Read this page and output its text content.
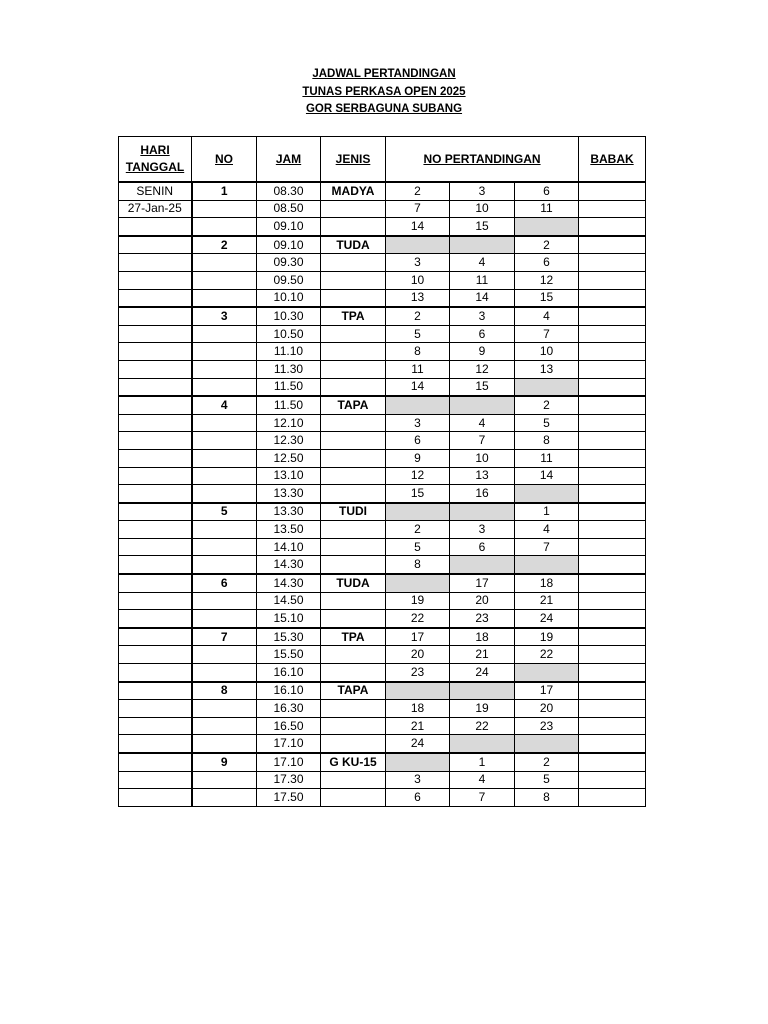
JADWAL PERTANDINGAN
TUNAS PERKASA OPEN 2025
GOR SERBAGUNA SUBANG
HARI
TANGGAL	NO	JAM	JENIS	NO PERTANDINGAN			BABAK
SENIN	1	08.30	MADYA	2	3	6	
27-Jan-25		08.50		7	10	11	
		09.10		14	15		
	2	09.10	TUDA			2	
		09.30		3	4	6	
		09.50		10	11	12	
		10.10		13	14	15	
	3	10.30	TPA	2	3	4	
		10.50		5	6	7	
		11.10		8	9	10	
		11.30		11	12	13	
		11.50		14	15		
	4	11.50	TAPA			2	
		12.10		3	4	5	
		12.30		6	7	8	
		12.50		9	10	11	
		13.10		12	13	14	
		13.30		15	16		
	5	13.30	TUDI			1	
		13.50		2	3	4	
		14.10		5	6	7	
		14.30		8			
	6	14.30	TUDA		17	18	
		14.50		19	20	21	
		15.10		22	23	24	
	7	15.30	TPA	17	18	19	
		15.50		20	21	22	
		16.10		23	24		
	8	16.10	TAPA			17	
		16.30		18	19	20	
		16.50		21	22	23	
		17.10		24			
	9	17.10	G KU-15		1	2	
		17.30		3	4	5	
		17.50		6	7	8	
